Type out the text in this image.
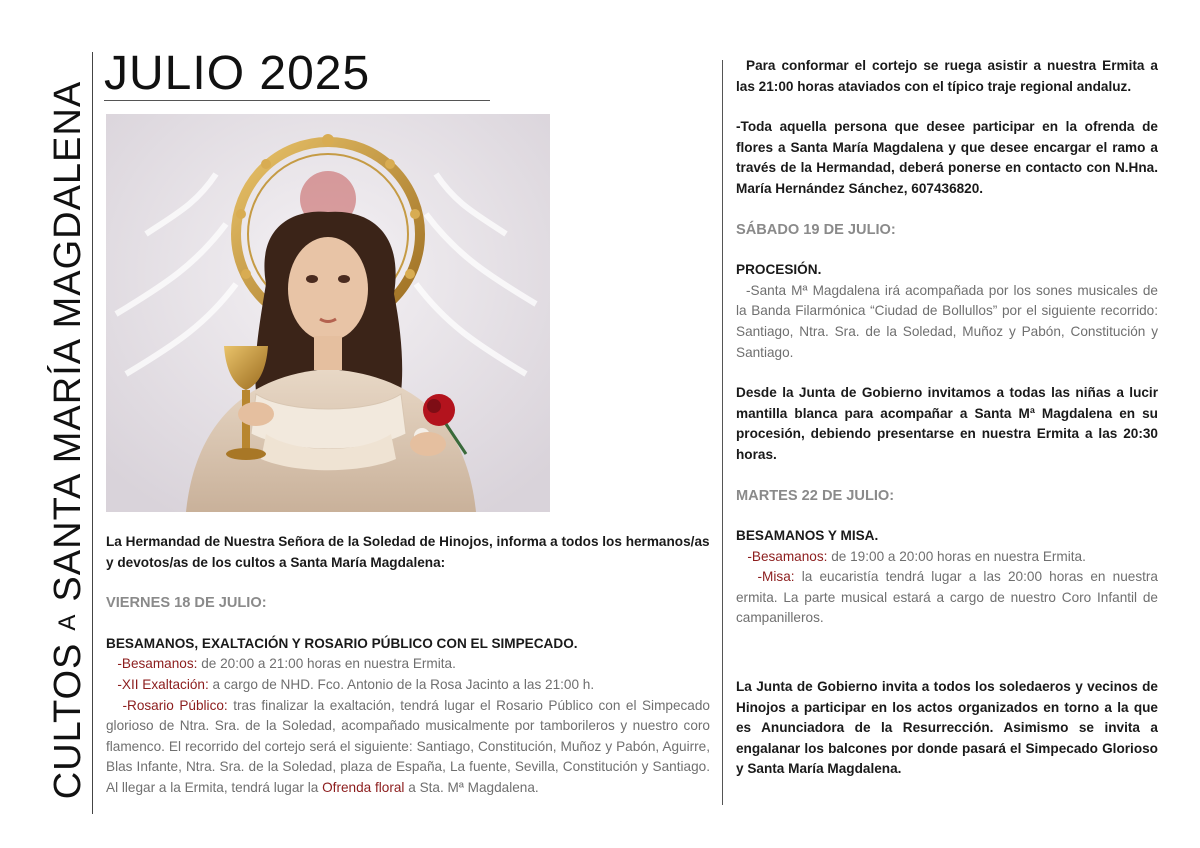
CULTOS
A
SANTA MARÍA MAGDALENA
JULIO 2025

La Hermandad de Nuestra Señora de la Soledad de Hinojos, informa a todos los hermanos/as y devotos/as de los cultos a Santa María Magdalena:

VIERNES 18 DE JULIO:

BESAMANOS, EXALTACIÓN Y ROSARIO PÚBLICO CON EL SIMPECADO.

-Besamanos: de 20:00 a 21:00 horas en nuestra Ermita.

-XII Exaltación: a cargo de NHD. Fco. Antonio de la Rosa Jacinto a las 21:00 h.

-Rosario Público: tras finalizar la exaltación, tendrá lugar el Rosario Público con el Simpecado glorioso de Ntra. Sra. de la Soledad, acompañado musicalmente por tamborileros y nuestro coro flamenco. El recorrido del cortejo será el siguiente: Santiago, Constitución, Muñoz y Pabón, Aguirre, Blas Infante, Ntra. Sra. de la Soledad, plaza de España, La fuente, Sevilla, Constitución y Santiago. Al llegar a la Ermita, tendrá lugar la Ofrenda floral a Sta. Mª Magdalena.

Para conformar el cortejo se ruega asistir a nuestra Ermita a las 21:00 horas ataviados con el típico traje regional andaluz.

-Toda aquella persona que desee participar en la ofrenda de flores a Santa María Magdalena y que desee encargar el ramo a través de la Hermandad, deberá ponerse en contacto con N.Hna. María Hernández Sánchez, 607436820.

SÁBADO 19 DE JULIO:

PROCESIÓN.

-Santa Mª Magdalena irá acompañada por los sones musicales de la Banda Filarmónica “Ciudad de Bollullos” por el siguiente recorrido: Santiago, Ntra. Sra. de la Soledad, Muñoz y Pabón, Constitución y Santiago.

Desde la Junta de Gobierno invitamos a todas las niñas a lucir mantilla blanca para acompañar a Santa Mª Magdalena en su procesión, debiendo presentarse en nuestra Ermita a las 20:30 horas.

MARTES 22 DE JULIO:

BESAMANOS Y MISA.

-Besamanos: de 19:00 a 20:00 horas en nuestra Ermita.

-Misa: la eucaristía tendrá lugar a las 20:00 horas en nuestra ermita. La parte musical estará a cargo de nuestro Coro Infantil de campanilleros.

La Junta de Gobierno invita a todos los soledaeros y vecinos de Hinojos a participar en los actos organizados en torno a la que es Anunciadora de la Resurrección. Asimismo se invita a engalanar los balcones por donde pasará el Simpecado Glorioso y Santa María Magdalena.
